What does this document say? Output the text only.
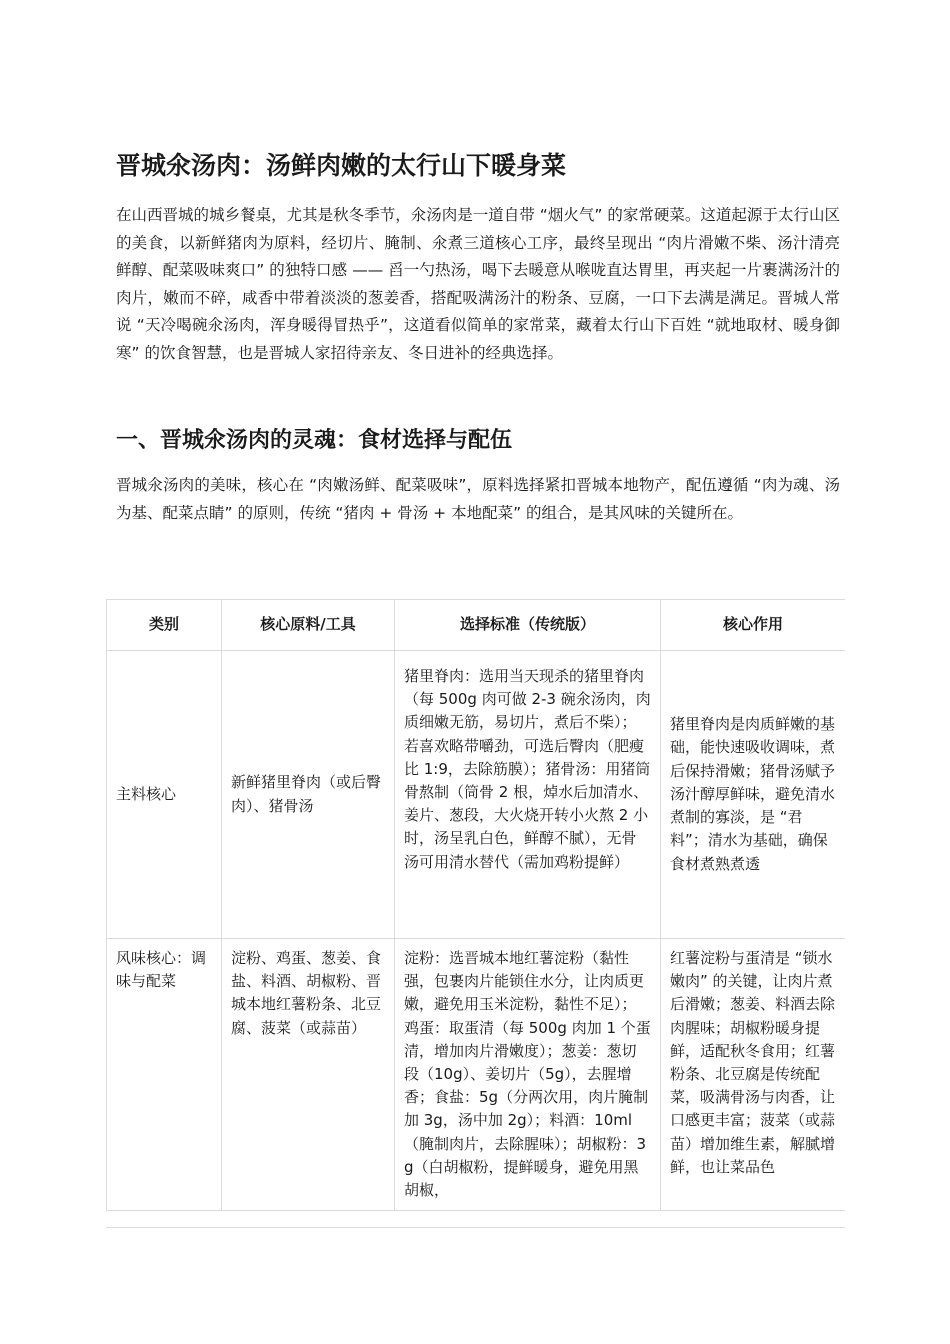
晋城氽汤肉：汤鲜肉嫩的太行山下暖身菜

在山西晋城的城乡餐桌，尤其是秋冬季节，氽汤肉是一道自带 “烟火气” 的家常硬菜。这道起源于太行山区的美食，以新鲜猪肉为原料，经切片、腌制、氽煮三道核心工序，最终呈现出 “肉片滑嫩不柴、汤汁清亮鲜醇、配菜吸味爽口” 的独特口感 —— 舀一勺热汤，喝下去暖意从喉咙直达胃里，再夹起一片裹满汤汁的肉片，嫩而不碎，咸香中带着淡淡的葱姜香，搭配吸满汤汁的粉条、豆腐，一口下去满是满足。晋城人常说 “天冷喝碗氽汤肉，浑身暖得冒热乎”，这道看似简单的家常菜，藏着太行山下百姓 “就地取材、暖身御寒” 的饮食智慧，也是晋城人家招待亲友、冬日进补的经典选择。

一、晋城氽汤肉的灵魂：食材选择与配伍

晋城氽汤肉的美味，核心在 “肉嫩汤鲜、配菜吸味”，原料选择紧扣晋城本地物产，配伍遵循 “肉为魂、汤为基、配菜点睛” 的原则，传统 “猪肉 + 骨汤 + 本地配菜” 的组合，是其风味的关键所在。

类别	核心原料/工具	选择标准（传统版）	核心作用
主料核心	新鲜猪里脊肉（或后臀肉）、猪骨汤	猪里脊肉：选用当天现杀的猪里脊肉（每 500g 肉可做 2-3 碗氽汤肉，肉质细嫩无筋，易切片，煮后不柴）；若喜欢略带嚼劲，可选后臀肉（肥瘦比 1:9，去除筋膜）；猪骨汤：用猪筒骨熬制（筒骨 2 根，焯水后加清水、姜片、葱段，大火烧开转小火熬 2 小时，汤呈乳白色，鲜醇不腻），无骨汤可用清水替代（需加鸡粉提鲜）	猪里脊肉是肉质鲜嫩的基础，能快速吸收调味，煮后保持滑嫩；猪骨汤赋予汤汁醇厚鲜味，避免清水煮制的寡淡，是 “君料”；清水为基础，确保食材煮熟煮透
风味核心：调味与配菜	淀粉、鸡蛋、葱姜、食盐、料酒、胡椒粉、晋城本地红薯粉条、北豆腐、菠菜（或蒜苗）	淀粉：选晋城本地红薯淀粉（黏性强，包裹肉片能锁住水分，让肉质更嫩，避免用玉米淀粉，黏性不足）；鸡蛋：取蛋清（每 500g 肉加 1 个蛋清，增加肉片滑嫩度）；葱姜：葱切段（10g）、姜切片（5g），去腥增香；食盐：5g（分两次用，肉片腌制加 3g，汤中加 2g）；料酒：10ml（腌制肉片，去除腥味）；胡椒粉：3g（白胡椒粉，提鲜暖身，避免用黑胡椒，	红薯淀粉与蛋清是 “锁水嫩肉” 的关键，让肉片煮后滑嫩；葱姜、料酒去除肉腥味；胡椒粉暖身提鲜，适配秋冬食用；红薯粉条、北豆腐是传统配菜，吸满骨汤与肉香，让口感更丰富；菠菜（或蒜苗）增加维生素，解腻增鲜，也让菜品色
